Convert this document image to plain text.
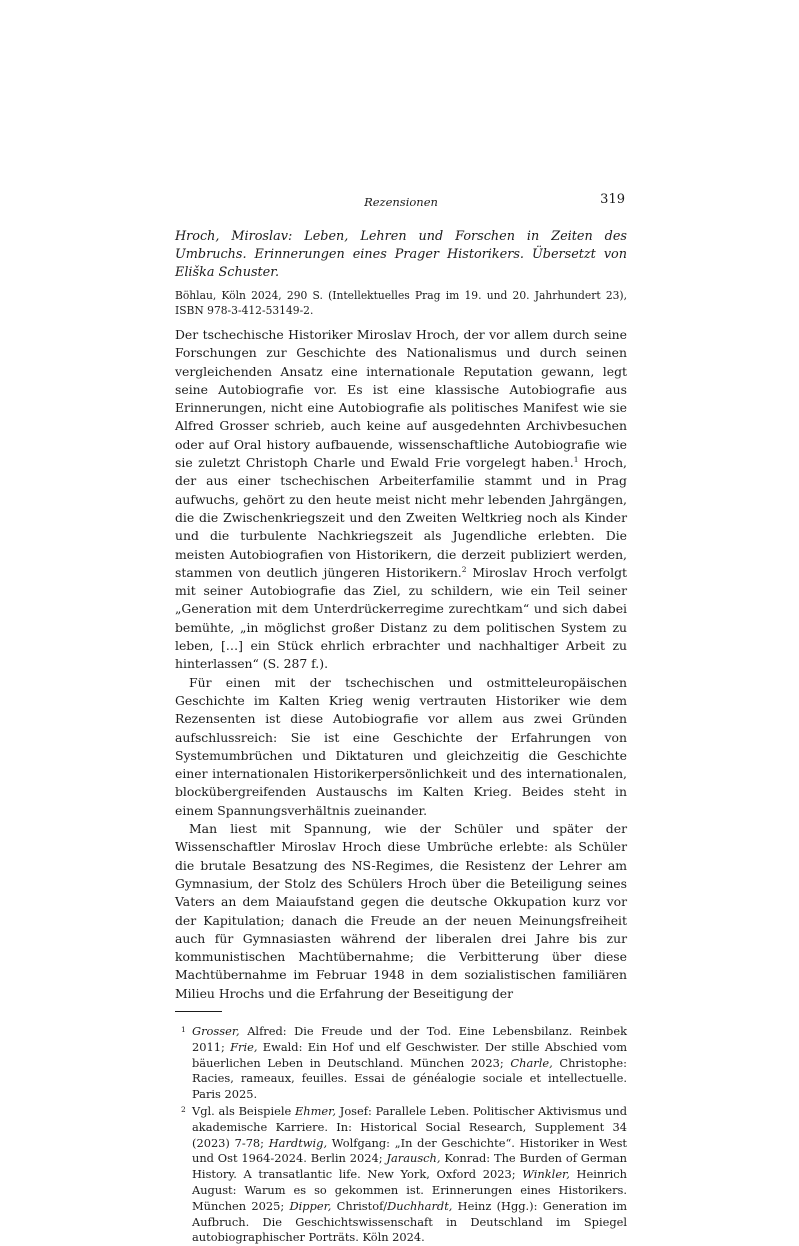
Rezensionen	319
Hroch, Miroslav: Leben, Lehren und Forschen in Zeiten des Umbruchs. Erinnerungen eines Prager Historikers. Übersetzt von Eliška Schuster.
Böhlau, Köln 2024, 290 S. (Intellektuelles Prag im 19. und 20. Jahrhundert 23), ISBN 978-3-412-53149-2.

Der tschechische Historiker Miroslav Hroch, der vor allem durch seine Forschungen zur Geschichte des Nationalismus und durch seinen vergleichenden Ansatz eine internationale Reputation gewann, legt seine Autobiografie vor. Es ist eine klassische Autobiografie aus Erinnerungen, nicht eine Autobiografie als politisches Manifest wie sie Alfred Grosser schrieb, auch keine auf ausgedehnten Archivbesuchen oder auf Oral history aufbauende, wissenschaftliche Autobiografie wie sie zuletzt Christoph Charle und Ewald Frie vorgelegt haben.$^1$ Hroch, der aus einer tschechischen Arbeiterfamilie stammt und in Prag aufwuchs, gehört zu den heute meist nicht mehr lebenden Jahrgängen, die die Zwischenkriegszeit und den Zweiten Weltkrieg noch als Kinder und die turbulente Nachkriegszeit als Jugendliche erlebten. Die meisten Autobiografien von Historikern, die derzeit publiziert werden, stammen von deutlich jüngeren Historikern.$^2$ Miroslav Hroch verfolgt mit seiner Autobiografie das Ziel, zu schildern, wie ein Teil seiner „Generation mit dem Unterdrückerregime zurechtkam“ und sich dabei bemühte, „in möglichst großer Distanz zu dem politischen System zu leben, […] ein Stück ehrlich erbrachter und nachhaltiger Arbeit zu hinterlassen“ (S. 287 f.).

Für einen mit der tschechischen und ostmitteleuropäischen Geschichte im Kalten Krieg wenig vertrauten Historiker wie dem Rezensenten ist diese Autobiografie vor allem aus zwei Gründen aufschlussreich: Sie ist eine Geschichte der Erfahrungen von Systemumbrüchen und Diktaturen und gleichzeitig die Geschichte einer internationalen Historikerpersönlichkeit und des internationalen, blockübergreifenden Austauschs im Kalten Krieg. Beides steht in einem Spannungsverhältnis zueinander.

Man liest mit Spannung, wie der Schüler und später der Wissenschaftler Miroslav Hroch diese Umbrüche erlebte: als Schüler die brutale Besatzung des NS-Regimes, die Resistenz der Lehrer am Gymnasium, der Stolz des Schülers Hroch über die Beteiligung seines Vaters an dem Maiaufstand gegen die deutsche Okkupation kurz vor der Kapitulation; danach die Freude an der neuen Meinungsfreiheit auch für Gymnasiasten während der liberalen drei Jahre bis zur kommunistischen Machtübernahme; die Verbitterung über diese Machtübernahme im Februar 1948 in dem sozialistischen familiären Milieu Hrochs und die Erfahrung der Beseitigung der

1 Grosser, Alfred: Die Freude und der Tod. Eine Lebensbilanz. Reinbek 2011; Frie, Ewald: Ein Hof und elf Geschwister. Der stille Abschied vom bäuerlichen Leben in Deutschland. München 2023; Charle, Christophe: Racies, rameaux, feuilles. Essai de généalogie sociale et intellectuelle. Paris 2025.
2 Vgl. als Beispiele Ehmer, Josef: Parallele Leben. Politischer Aktivismus und akademische Karriere. In: Historical Social Research, Supplement 34 (2023) 7-78; Hardtwig, Wolfgang: „In der Geschichte“. Historiker in West und Ost 1964-2024. Berlin 2024; Jarausch, Konrad: The Burden of German History. A transatlantic life. New York, Oxford 2023; Winkler, Heinrich August: Warum es so gekommen ist. Erinnerungen eines Historikers. München 2025; Dipper, Christof/Duchhardt, Heinz (Hgg.): Generation im Aufbruch. Die Geschichtswissenschaft in Deutschland im Spiegel autobiographischer Porträts. Köln 2024.
